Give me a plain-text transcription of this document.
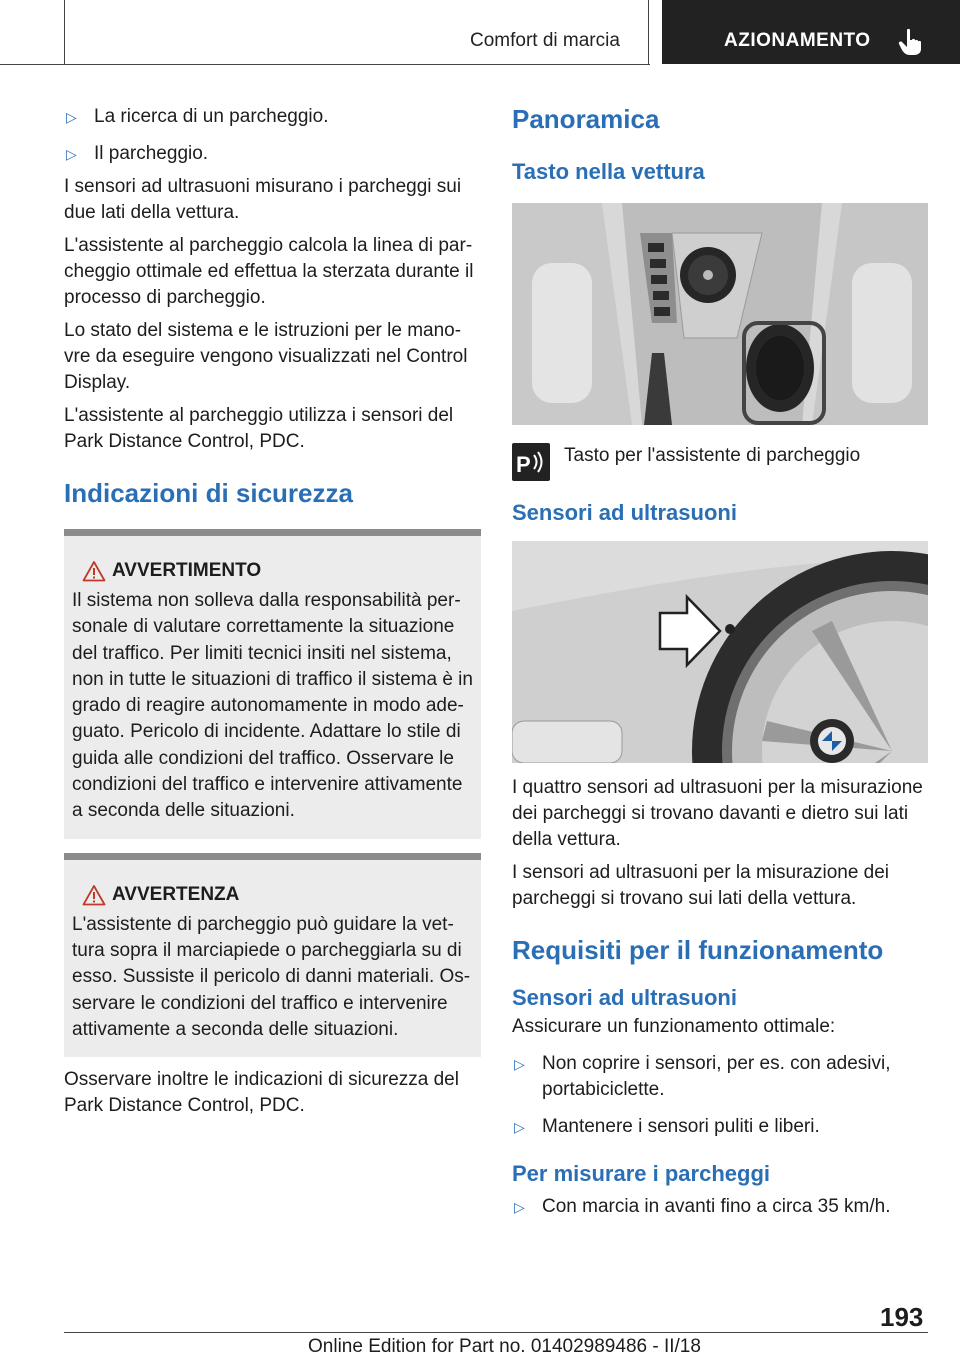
Comfort di marcia	AZIONAMENTO
▷ La ricerca di un parcheggio.
▷ Il parcheggio.

I sensori ad ultrasuoni misurano i parcheggi sui due lati della vettura.

L'assistente al parcheggio calcola la linea di parcheggio ottimale ed effettua la sterzata durante il processo di parcheggio.

Lo stato del sistema e le istruzioni per le manovre da eseguire vengono visualizzati nel Control Display.

L'assistente al parcheggio utilizza i sensori del Park Distance Control, PDC.

Indicazioni di sicurezza
AVVERTIMENTO

Il sistema non solleva dalla responsabilità personale di valutare correttamente la situazione del traffico. Per limiti tecnici insiti nel sistema, non in tutte le situazioni di traffico il sistema è in grado di reagire autonomamente in modo adeguato. Pericolo di incidente. Adattare lo stile di guida alle condizioni del traffico. Osservare le condizioni del traffico e intervenire attivamente a seconda delle situazioni.

AVVERTENZA

L'assistente di parcheggio può guidare la vettura sopra il marciapiede o parcheggiarla su di esso. Sussiste il pericolo di danni materiali. Osservare le condizioni del traffico e intervenire attivamente a seconda delle situazioni.

Osservare inoltre le indicazioni di sicurezza del Park Distance Control, PDC.

Panoramica
Tasto nella vettura
P Tasto per l'assistente di parcheggio

Sensori ad ultrasuoni

I quattro sensori ad ultrasuoni per la misurazione dei parcheggi si trovano davanti e dietro sui lati della vettura.

I sensori ad ultrasuoni per la misurazione dei parcheggi si trovano sui lati della vettura.

Requisiti per il funzionamento
Sensori ad ultrasuoni

Assicurare un funzionamento ottimale:

▷ Non coprire i sensori, per es. con adesivi, portabiciclette.
▷ Mantenere i sensori puliti e liberi.
Per misurare i parcheggi
▷ Con marcia in avanti fino a circa 35 km/h.
193
Online Edition for Part no. 01402989486 - II/18
